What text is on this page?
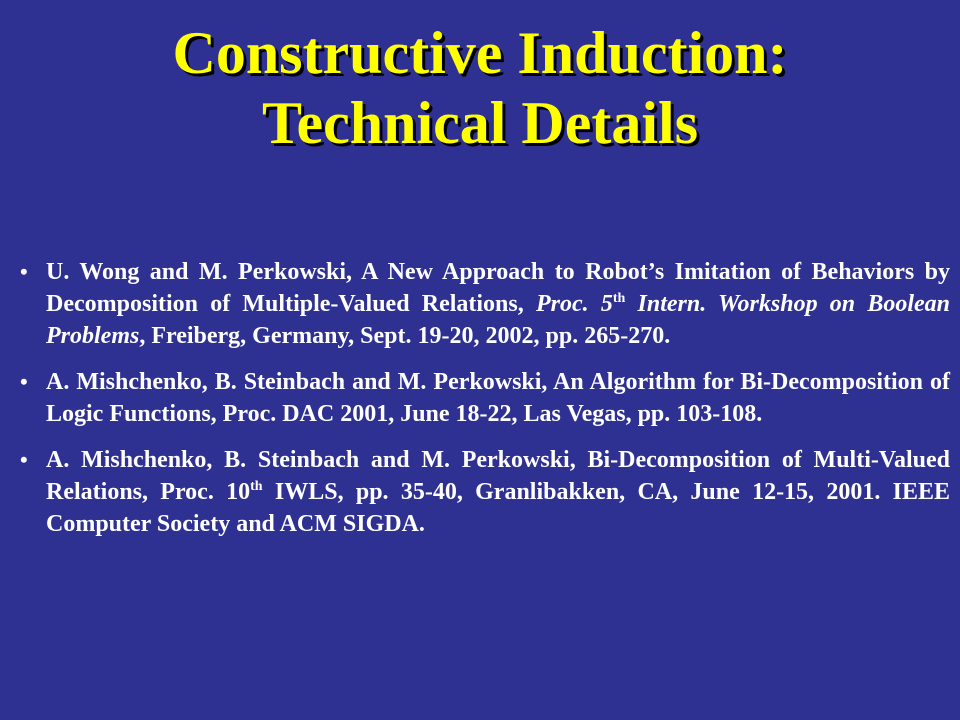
Constructive Induction:
Technical Details
• U. Wong and M. Perkowski, A New Approach to Robot’s Imitation of Behaviors by Decomposition of Multiple-Valued Relations, Proc. 5th Intern. Workshop on Boolean Problems, Freiberg, Germany, Sept. 19-20, 2002, pp. 265-270.
• A. Mishchenko, B. Steinbach and M. Perkowski, An Algorithm for Bi-Decomposition of Logic Functions, Proc. DAC 2001, June 18-22, Las Vegas, pp. 103-108.
• A. Mishchenko, B. Steinbach and M. Perkowski, Bi-Decomposition of Multi-Valued Relations, Proc. 10th IWLS, pp. 35-40, Granlibakken, CA, June 12-15, 2001. IEEE Computer Society and ACM SIGDA.
